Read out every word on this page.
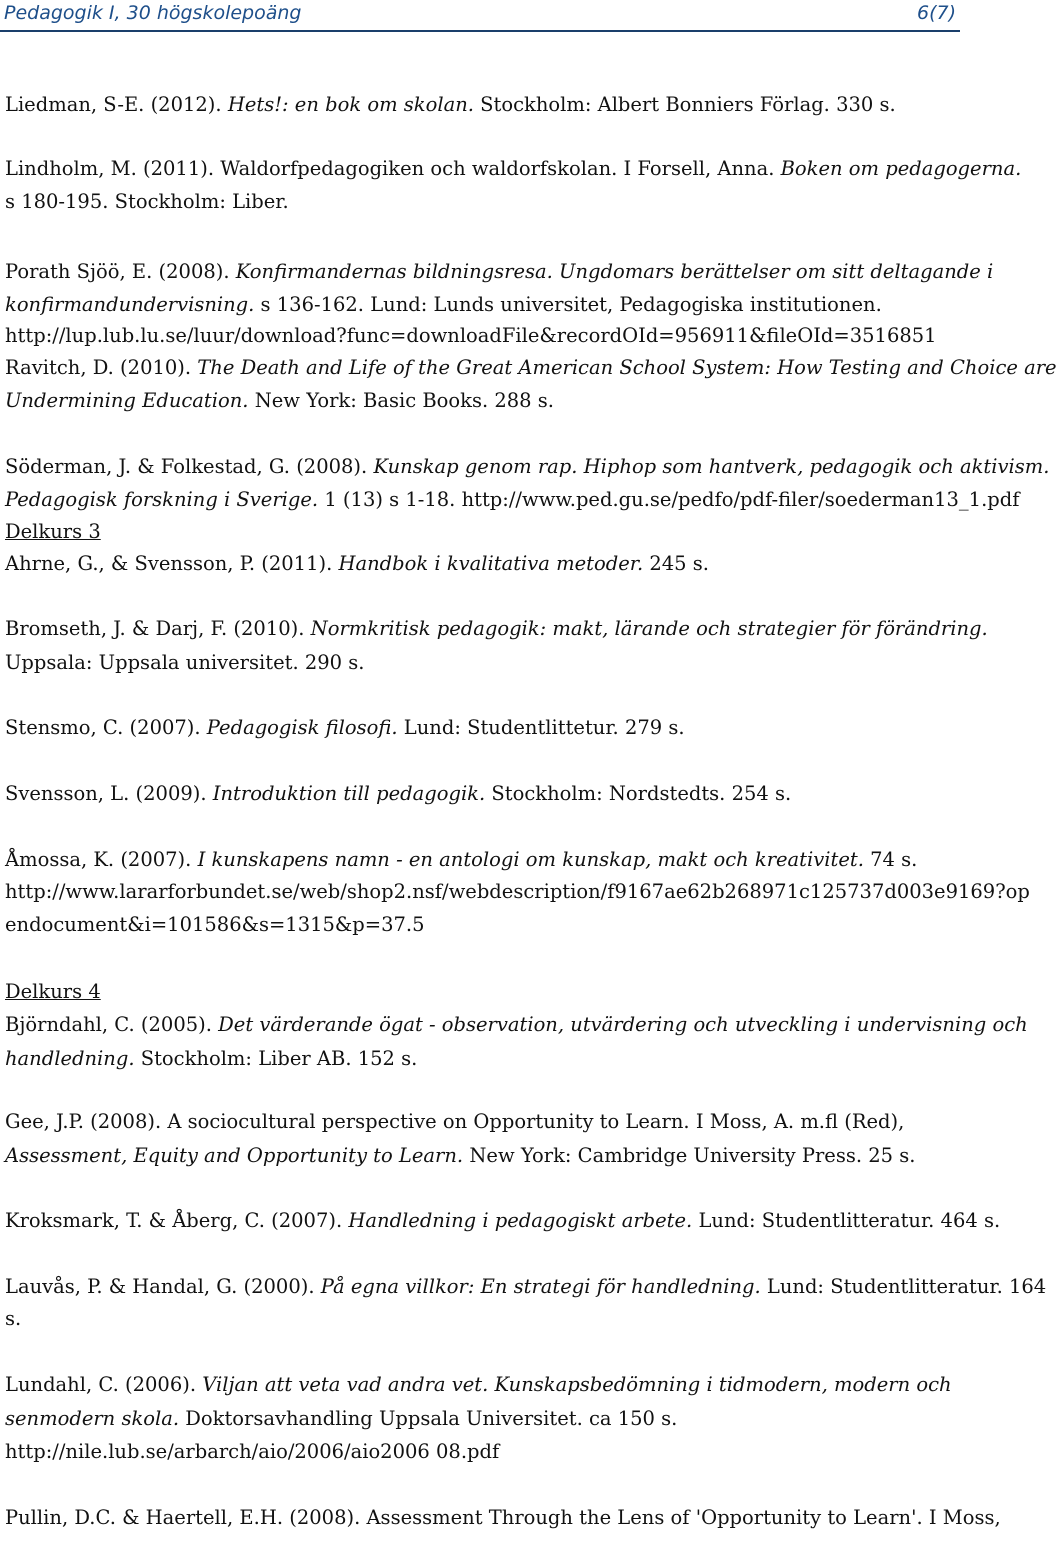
Pedagogik I, 30 högskolepoäng	6(7)
Liedman, S-E. (2012). Hets!: en bok om skolan. Stockholm: Albert Bonniers Förlag. 330 s.
Lindholm, M. (2011). Waldorfpedagogiken och waldorfskolan. I Forsell, Anna. Boken om pedagogerna.
s 180-195. Stockholm: Liber.
Porath Sjöö, E. (2008). Konfirmandernas bildningsresa. Ungdomars berättelser om sitt deltagande i
konfirmandundervisning. s 136-162. Lund: Lunds universitet, Pedagogiska institutionen.
http://lup.lub.lu.se/luur/download?func=downloadFile&recordOId=956911&fileOId=3516851
Ravitch, D. (2010). The Death and Life of the Great American School System: How Testing and Choice are
Undermining Education. New York: Basic Books. 288 s.
Söderman, J. & Folkestad, G. (2008). Kunskap genom rap. Hiphop som hantverk, pedagogik och aktivism.
Pedagogisk forskning i Sverige. 1 (13) s 1-18. http://www.ped.gu.se/pedfo/pdf-filer/soederman13_1.pdf
Delkurs 3
Ahrne, G., & Svensson, P. (2011). Handbok i kvalitativa metoder. 245 s.
Bromseth, J. & Darj, F. (2010). Normkritisk pedagogik: makt, lärande och strategier för förändring.
Uppsala: Uppsala universitet. 290 s.
Stensmo, C. (2007). Pedagogisk filosofi. Lund: Studentlittetur. 279 s.
Svensson, L. (2009). Introduktion till pedagogik. Stockholm: Nordstedts. 254 s.
Åmossa, K. (2007). I kunskapens namn - en antologi om kunskap, makt och kreativitet. 74 s.
http://www.lararforbundet.se/web/shop2.nsf/webdescription/f9167ae62b268971c125737d003e9169?op
endocument&i=101586&s=1315&p=37.5
Delkurs 4
Björndahl, C. (2005). Det värderande ögat - observation, utvärdering och utveckling i undervisning och
handledning. Stockholm: Liber AB. 152 s.
Gee, J.P. (2008). A sociocultural perspective on Opportunity to Learn. I Moss, A. m.fl (Red),
Assessment, Equity and Opportunity to Learn. New York: Cambridge University Press. 25 s.
Kroksmark, T. & Åberg, C. (2007). Handledning i pedagogiskt arbete. Lund: Studentlitteratur. 464 s.
Lauvås, P. & Handal, G. (2000). På egna villkor: En strategi för handledning. Lund: Studentlitteratur. 164
s.
Lundahl, C. (2006). Viljan att veta vad andra vet. Kunskapsbedömning i tidmodern, modern och
senmodern skola. Doktorsavhandling Uppsala Universitet. ca 150 s.
http://nile.lub.se/arbarch/aio/2006/aio2006 08.pdf
Pullin, D.C. & Haertell, E.H. (2008). Assessment Through the Lens of 'Opportunity to Learn'. I Moss,
